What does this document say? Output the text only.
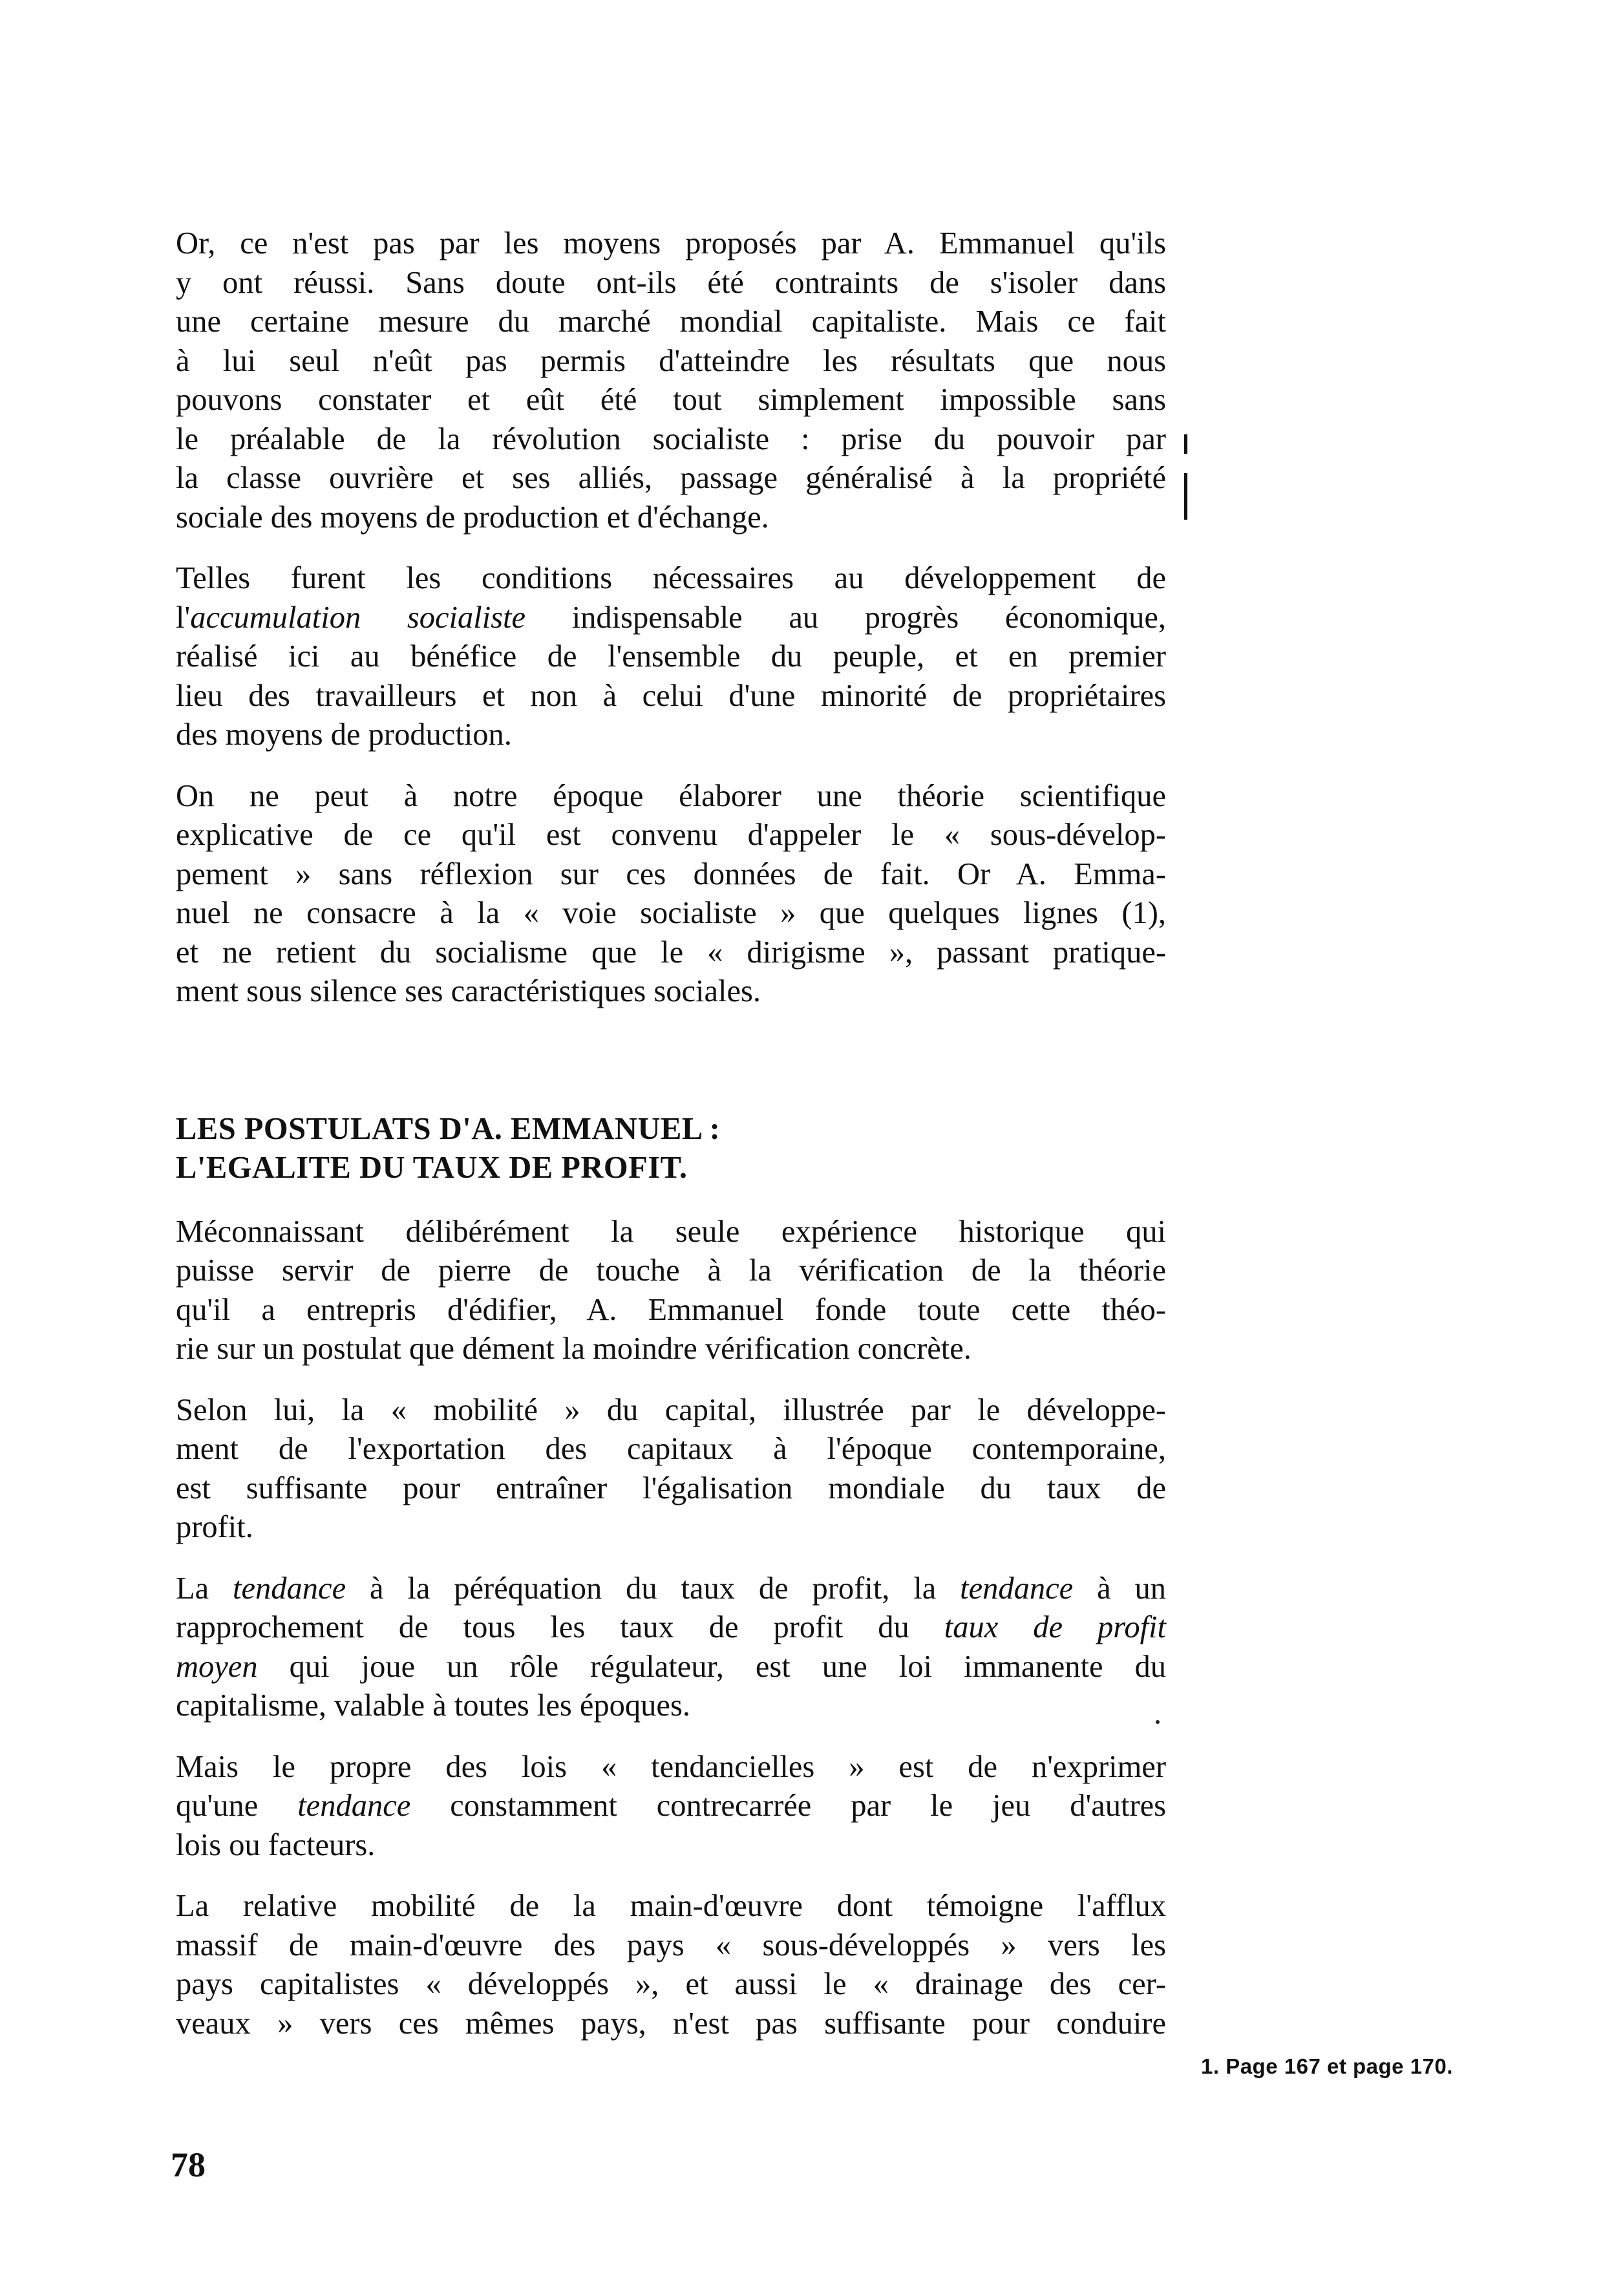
Or, ce n'est pas par les moyens proposés par A. Emmanuel qu'ils
y ont réussi. Sans doute ont-ils été contraints de s'isoler dans
une certaine mesure du marché mondial capitaliste. Mais ce fait
à lui seul n'eût pas permis d'atteindre les résultats que nous
pouvons constater et eût été tout simplement impossible sans
le préalable de la révolution socialiste : prise du pouvoir par
la classe ouvrière et ses alliés, passage généralisé à la propriété
sociale des moyens de production et d'échange.

Telles furent les conditions nécessaires au développement de
l'accumulation socialiste indispensable au progrès économique,
réalisé ici au bénéfice de l'ensemble du peuple, et en premier
lieu des travailleurs et non à celui d'une minorité de propriétaires
des moyens de production.

On ne peut à notre époque élaborer une théorie scientifique
explicative de ce qu'il est convenu d'appeler le « sous-dévelop-
pement » sans réflexion sur ces données de fait. Or A. Emma-
nuel ne consacre à la « voie socialiste » que quelques lignes (1),
et ne retient du socialisme que le « dirigisme », passant pratique-
ment sous silence ses caractéristiques sociales.

LES POSTULATS D'A. EMMANUEL :
L'EGALITE DU TAUX DE PROFIT.

Méconnaissant délibérément la seule expérience historique qui
puisse servir de pierre de touche à la vérification de la théorie
qu'il a entrepris d'édifier, A. Emmanuel fonde toute cette théo-
rie sur un postulat que dément la moindre vérification concrète.

Selon lui, la « mobilité » du capital, illustrée par le développe-
ment de l'exportation des capitaux à l'époque contemporaine,
est suffisante pour entraîner l'égalisation mondiale du taux de
profit.

La tendance à la péréquation du taux de profit, la tendance à un
rapprochement de tous les taux de profit du taux de profit
moyen qui joue un rôle régulateur, est une loi immanente du
capitalisme, valable à toutes les époques.

Mais le propre des lois « tendancielles » est de n'exprimer
qu'une tendance constamment contrecarrée par le jeu d'autres
lois ou facteurs.

La relative mobilité de la main-d'œuvre dont témoigne l'afflux
massif de main-d'œuvre des pays « sous-développés » vers les
pays capitalistes « développés », et aussi le « drainage des cer-
veaux » vers ces mêmes pays, n'est pas suffisante pour conduire

1. Page 167 et page 170.
78
